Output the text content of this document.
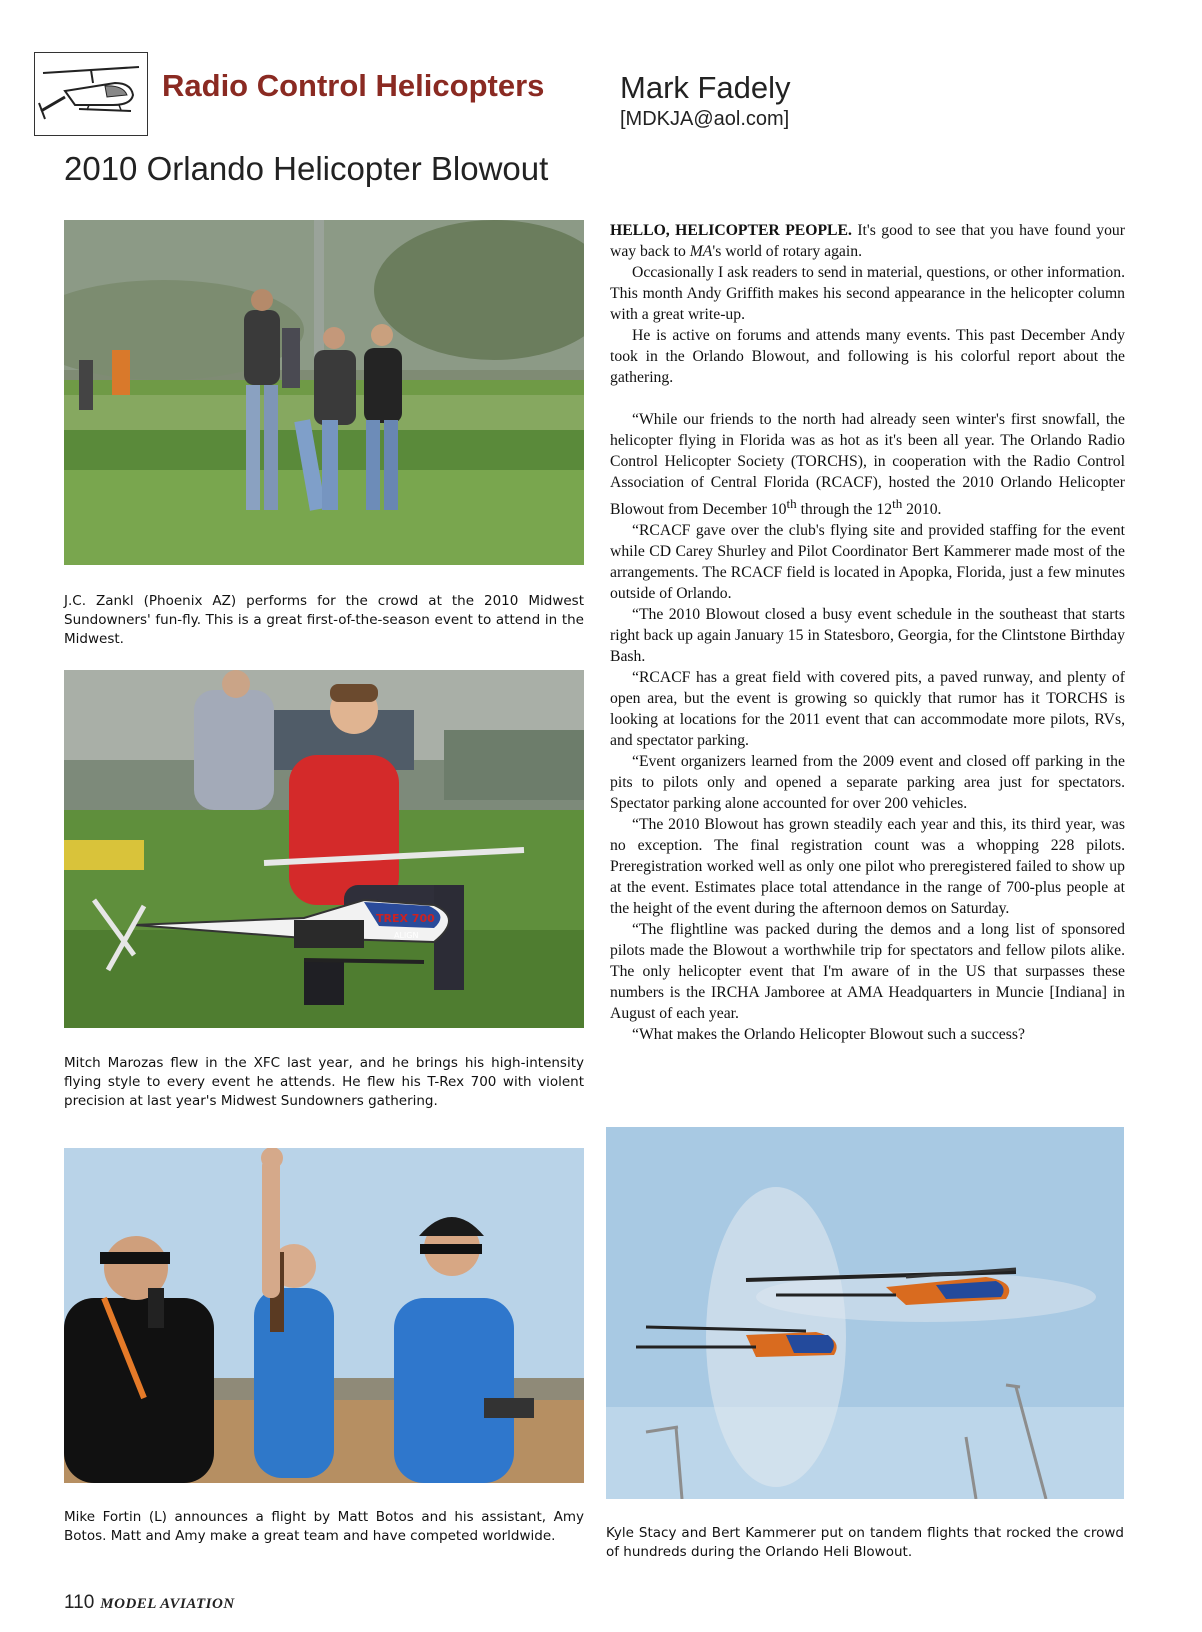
Radio Control Helicopters Mark Fadely
[MDKJA@aol.com]
2010 Orlando Helicopter Blowout
J.C. Zankl (Phoenix AZ) performs for the crowd at the 2010 Midwest Sundowners' fun-fly. This is a great first-of-the-season event to attend in the Midwest.
TREX 700
ALIGN
Mitch Marozas flew in the XFC last year, and he brings his high-intensity flying style to every event he attends. He flew his T-Rex 700 with violent precision at last year's Midwest Sundowners gathering.
Mike Fortin (L) announces a flight by Matt Botos and his assistant, Amy Botos. Matt and Amy make a great team and have competed worldwide.	Kyle Stacy and Bert Kammerer put on tandem flights that rocked the crowd of hundreds during the Orlando Heli Blowout.

HELLO, HELICOPTER PEOPLE. It's good to see that you have found your way back to MA's world of rotary again.

Occasionally I ask readers to send in material, questions, or other information. This month Andy Griffith makes his second appearance in the helicopter column with a great write-up.

He is active on forums and attends many events. This past December Andy took in the Orlando Blowout, and following is his colorful report about the gathering.

“While our friends to the north had already seen winter's first snowfall, the helicopter flying in Florida was as hot as it's been all year. The Orlando Radio Control Helicopter Society (TORCHS), in cooperation with the Radio Control Association of Central Florida (RCACF), hosted the 2010 Orlando Helicopter Blowout from December 10th through the 12th 2010.

“RCACF gave over the club's flying site and provided staffing for the event while CD Carey Shurley and Pilot Coordinator Bert Kammerer made most of the arrangements. The RCACF field is located in Apopka, Florida, just a few minutes outside of Orlando.

“The 2010 Blowout closed a busy event schedule in the southeast that starts right back up again January 15 in Statesboro, Georgia, for the Clintstone Birthday Bash.

“RCACF has a great field with covered pits, a paved runway, and plenty of open area, but the event is growing so quickly that rumor has it TORCHS is looking at locations for the 2011 event that can accommodate more pilots, RVs, and spectator parking.

“Event organizers learned from the 2009 event and closed off parking in the pits to pilots only and opened a separate parking area just for spectators. Spectator parking alone accounted for over 200 vehicles.

“The 2010 Blowout has grown steadily each year and this, its third year, was no exception. The final registration count was a whopping 228 pilots. Preregistration worked well as only one pilot who preregistered failed to show up at the event. Estimates place total attendance in the range of 700-plus people at the height of the event during the afternoon demos on Saturday.

“The flightline was packed during the demos and a long list of sponsored pilots made the Blowout a worthwhile trip for spectators and fellow pilots alike. The only helicopter event that I'm aware of in the US that surpasses these numbers is the IRCHA Jamboree at AMA Headquarters in Muncie [Indiana] in August of each year.

“What makes the Orlando Helicopter Blowout such a success?

110 MODEL AVIATION
